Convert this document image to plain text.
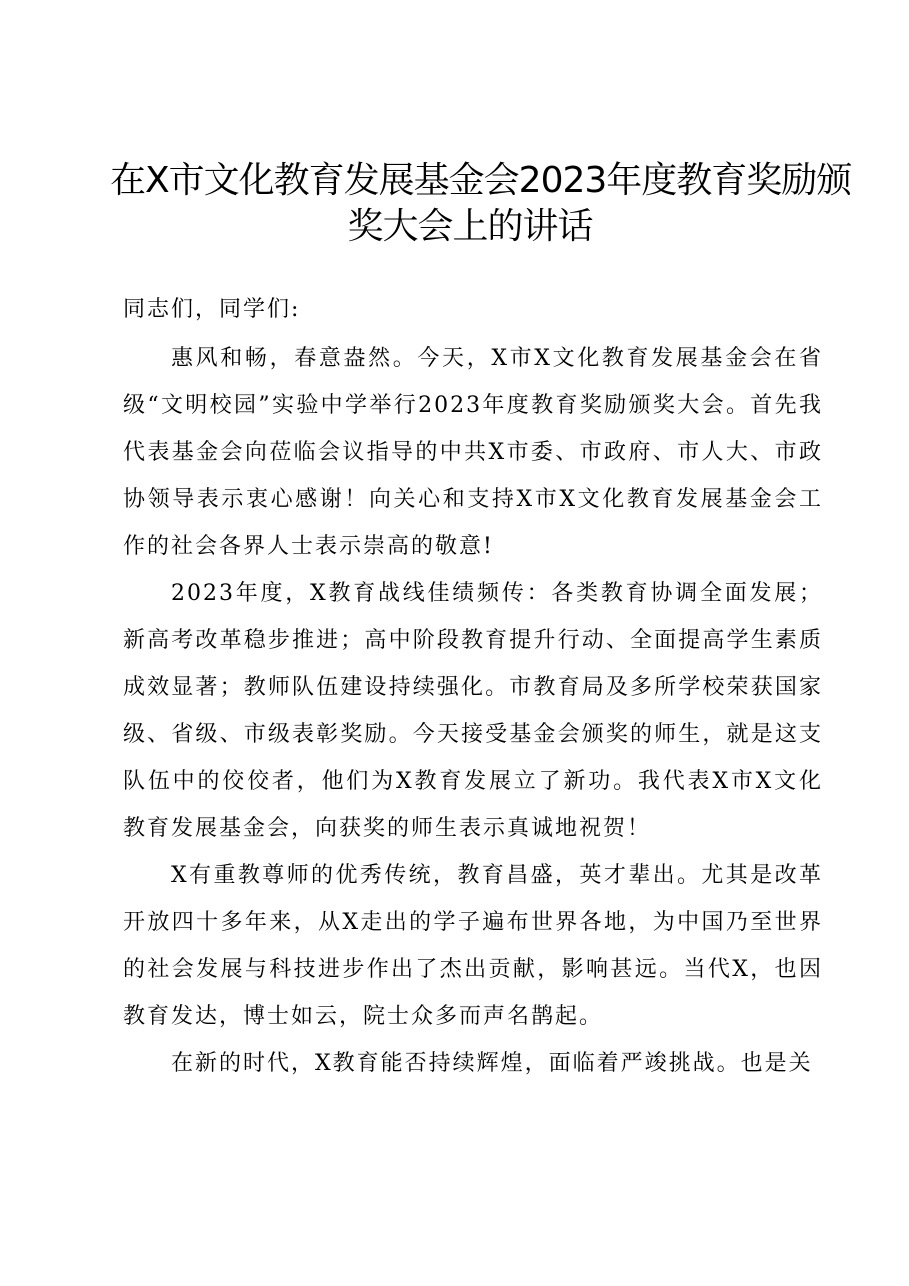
在X市文化教育发展基金会2023年度教育奖励颁
奖大会上的讲话

同志们，同学们:

惠风和畅，春意盎然。今天，X市X文化教育发展基金会在省级“文明校园”实验中学举行2023年度教育奖励颁奖大会。首先我代表基金会向莅临会议指导的中共X市委、市政府、市人大、市政协领导表示衷心感谢！向关心和支持X市X文化教育发展基金会工作的社会各界人士表示崇高的敬意!

2023年度，X教育战线佳绩频传：各类教育协调全面发展；新高考改革稳步推进；高中阶段教育提升行动、全面提高学生素质成效显著；教师队伍建设持续强化。市教育局及多所学校荣获国家级、省级、市级表彰奖励。今天接受基金会颁奖的师生，就是这支队伍中的佼佼者，他们为X教育发展立了新功。我代表X市X文化教育发展基金会，向获奖的师生表示真诚地祝贺！

X有重教尊师的优秀传统，教育昌盛，英才辈出。尤其是改革开放四十多年来，从X走出的学子遍布世界各地，为中国乃至世界的社会发展与科技进步作出了杰出贡献，影响甚远。当代X，也因教育发达，博士如云，院士众多而声名鹊起。

在新的时代，X教育能否持续辉煌，面临着严竣挑战。也是关
